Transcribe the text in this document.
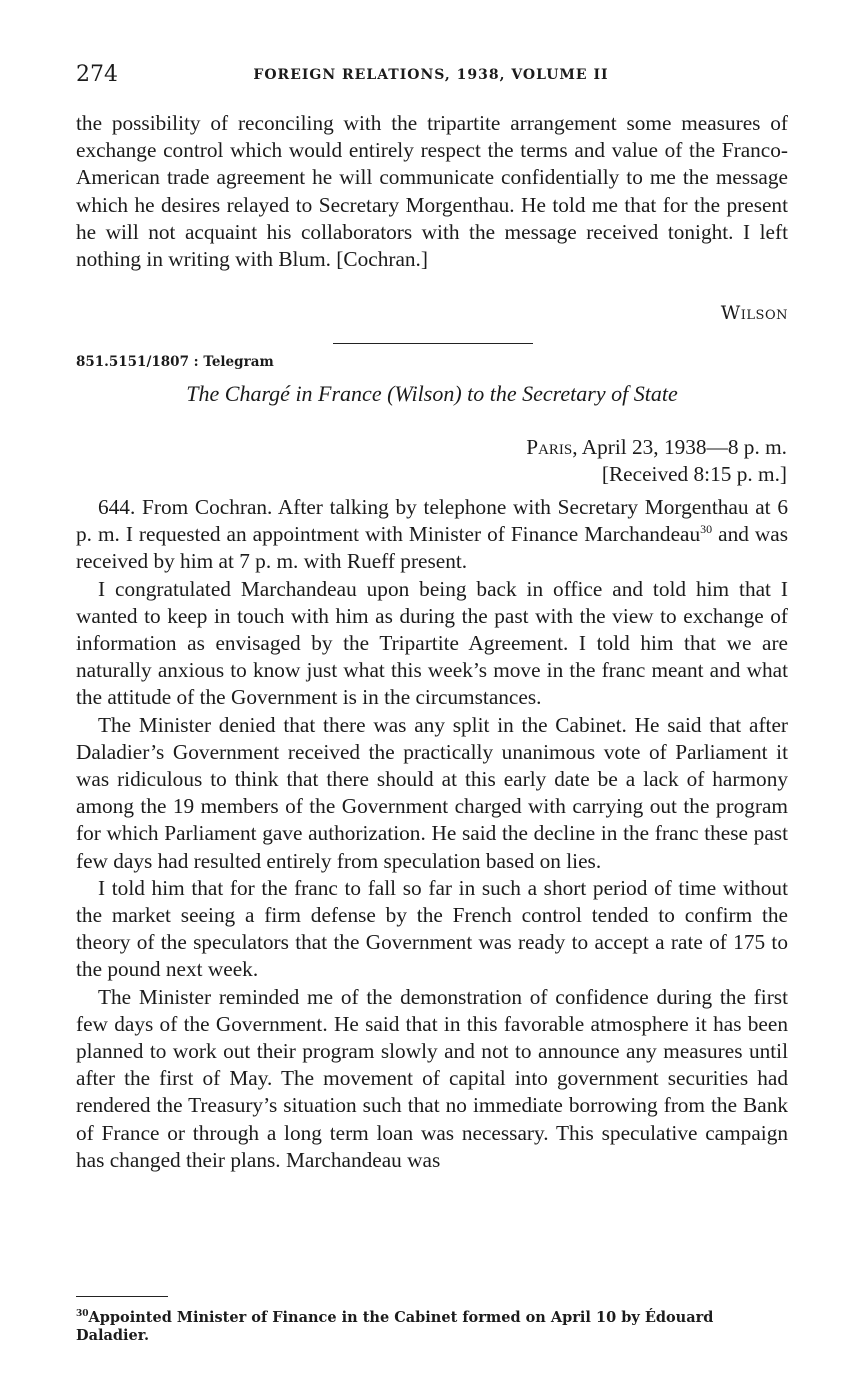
274	FOREIGN RELATIONS, 1938, VOLUME II

the possibility of reconciling with the tripartite arrangement some measures of exchange control which would entirely respect the terms and value of the Franco-American trade agreement he will communicate confidentially to me the message which he desires relayed to Secretary Morgenthau. He told me that for the present he will not acquaint his collaborators with the message received tonight. I left nothing in writing with Blum. [Cochran.]

Wilson
851.5151/1807 : Telegram
The Chargé in France (Wilson) to the Secretary of State
Paris, April 23, 1938—8 p. m.
[Received 8:15 p. m.]

644. From Cochran. After talking by telephone with Secretary Morgenthau at 6 p. m. I requested an appointment with Minister of Finance Marchandeau$^{30}$ and was received by him at 7 p. m. with Rueff present.

I congratulated Marchandeau upon being back in office and told him that I wanted to keep in touch with him as during the past with the view to exchange of information as envisaged by the Tripartite Agreement. I told him that we are naturally anxious to know just what this week’s move in the franc meant and what the attitude of the Government is in the circumstances.

The Minister denied that there was any split in the Cabinet. He said that after Daladier’s Government received the practically unanimous vote of Parliament it was ridiculous to think that there should at this early date be a lack of harmony among the 19 members of the Government charged with carrying out the program for which Parliament gave authorization. He said the decline in the franc these past few days had resulted entirely from speculation based on lies.

I told him that for the franc to fall so far in such a short period of time without the market seeing a firm defense by the French control tended to confirm the theory of the speculators that the Government was ready to accept a rate of 175 to the pound next week.

The Minister reminded me of the demonstration of confidence during the first few days of the Government. He said that in this favorable atmosphere it has been planned to work out their program slowly and not to announce any measures until after the first of May. The movement of capital into government securities had rendered the Treasury’s situation such that no immediate borrowing from the Bank of France or through a long term loan was necessary. This speculative campaign has changed their plans. Marchandeau was

$^{30}$Appointed Minister of Finance in the Cabinet formed on April 10 by Édouard Daladier.
